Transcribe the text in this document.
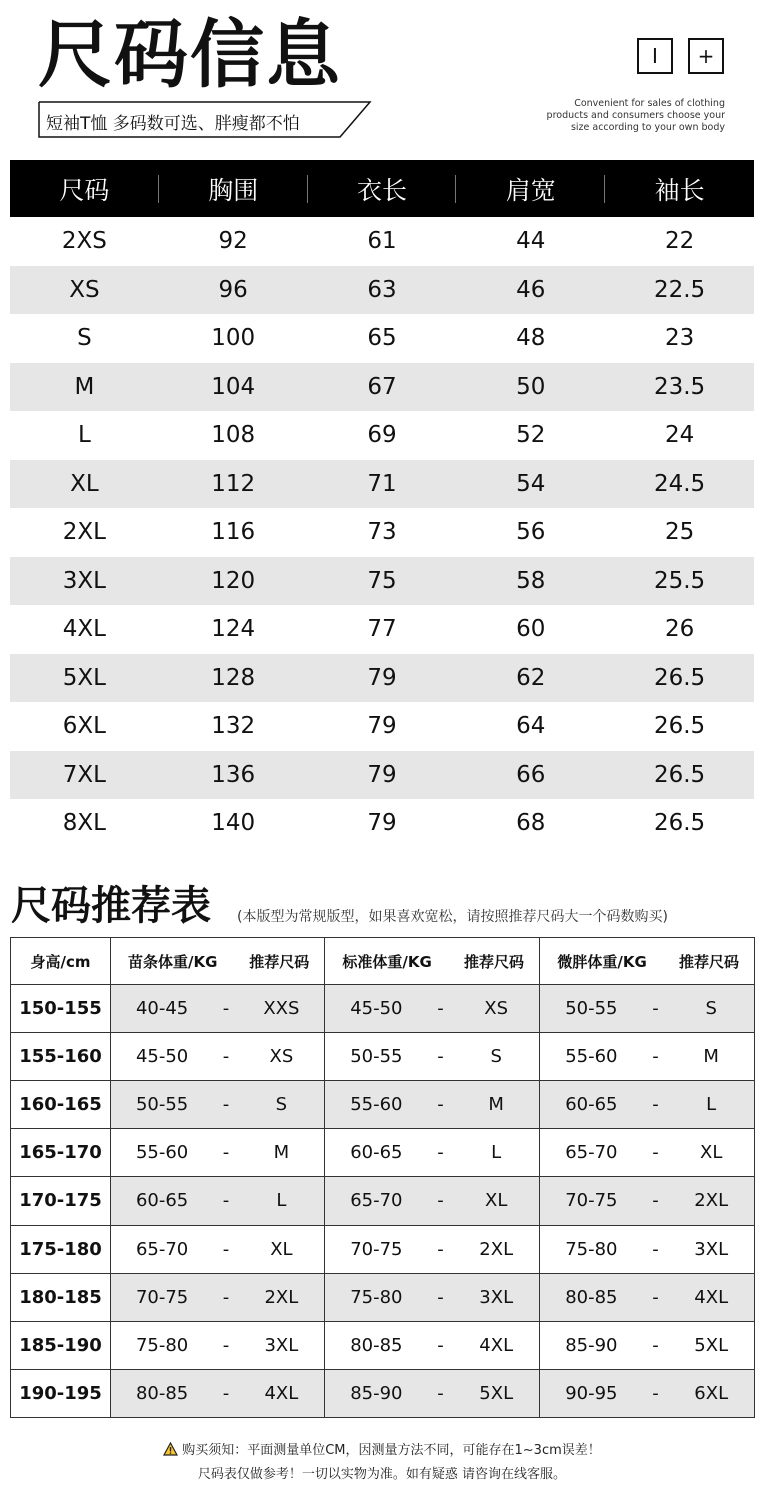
尺码信息
短袖T恤 多码数可选、胖瘦都不怕
I	+
Convenient for sales of clothing
products and consumers choose your
size according to your own body
尺码	胸围	衣长	肩宽	袖长
2XS	92	61	44	22
XS	96	63	46	22.5
S	100	65	48	23
M	104	67	50	23.5
L	108	69	52	24
XL	112	71	54	24.5
2XL	116	73	56	25
3XL	120	75	58	25.5
4XL	124	77	60	26
5XL	128	79	62	26.5
6XL	132	79	64	26.5
7XL	136	79	66	26.5
8XL	140	79	68	26.5
尺码推荐表 (本版型为常规版型，如果喜欢宽松，请按照推荐尺码大一个码数购买)
身高/cm	苗条体重/KG 推荐尺码	标准体重/KG 推荐尺码	微胖体重/KG 推荐尺码

150-155	40-45 - XXS	45-50 - XS	50-55 - S

155-160	45-50 - XS	50-55 - S	55-60 - M

160-165	50-55 - S	55-60 - M	60-65 - L

165-170	55-60 - M	60-65 - L	65-70 - XL

170-175	60-65 - L	65-70 - XL	70-75 - 2XL

175-180	65-70 - XL	70-75 - 2XL	75-80 - 3XL

180-185	70-75 - 2XL	75-80 - 3XL	80-85 - 4XL

185-190	75-80 - 3XL	80-85 - 4XL	85-90 - 5XL

190-195	80-85 - 4XL	85-90 - 5XL	90-95 - 6XL
购买须知：平面测量单位CM，因测量方法不同，可能存在1~3cm误差！
尺码表仅做参考！一切以实物为准。如有疑惑 请咨询在线客服。
